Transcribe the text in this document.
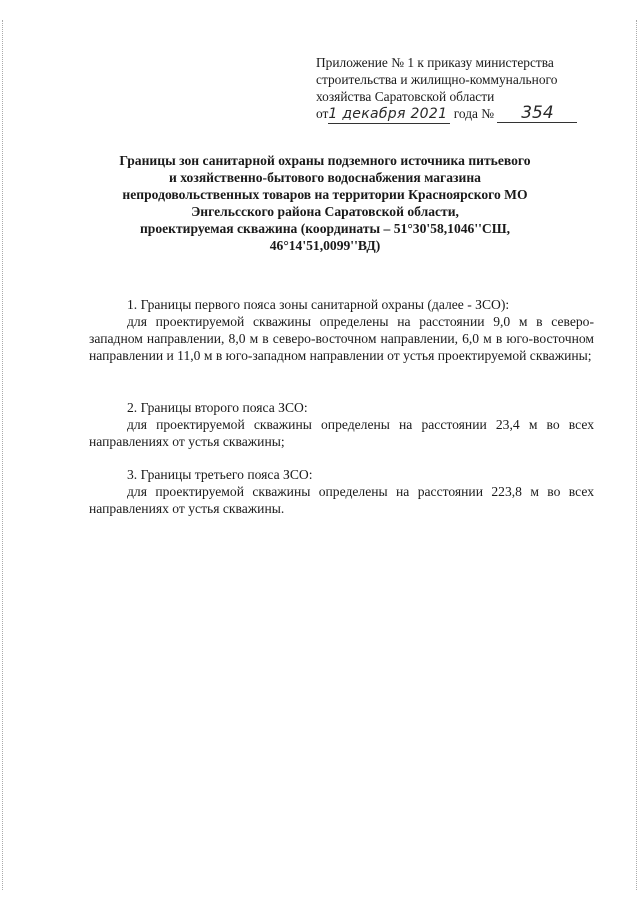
Приложение № 1 к приказу министерства
строительства и жилищно-коммунального
хозяйства Саратовской области
от1 декабря 2021 года № 354
Границы зон санитарной охраны подземного источника питьевого
и хозяйственно-бытового водоснабжения магазина
непродовольственных товаров на территории Красноярского МО
Энгельсского района Саратовской области,
проектируемая скважина (координаты – 51°30'58,1046''СШ,
46°14'51,0099''ВД)
1. Границы первого пояса зоны санитарной охраны (далее - ЗСО):
для проектируемой скважины определены на расстоянии 9,0 м в северо-западном направлении, 8,0 м в северо-восточном направлении, 6,0 м в юго-восточном направлении и 11,0 м в юго-западном направлении от устья проектируемой скважины;
2. Границы второго пояса ЗСО:
для проектируемой скважины определены на расстоянии 23,4 м во всех направлениях от устья скважины;
3. Границы третьего пояса ЗСО:
для проектируемой скважины определены на расстоянии 223,8 м во всех направлениях от устья скважины.
